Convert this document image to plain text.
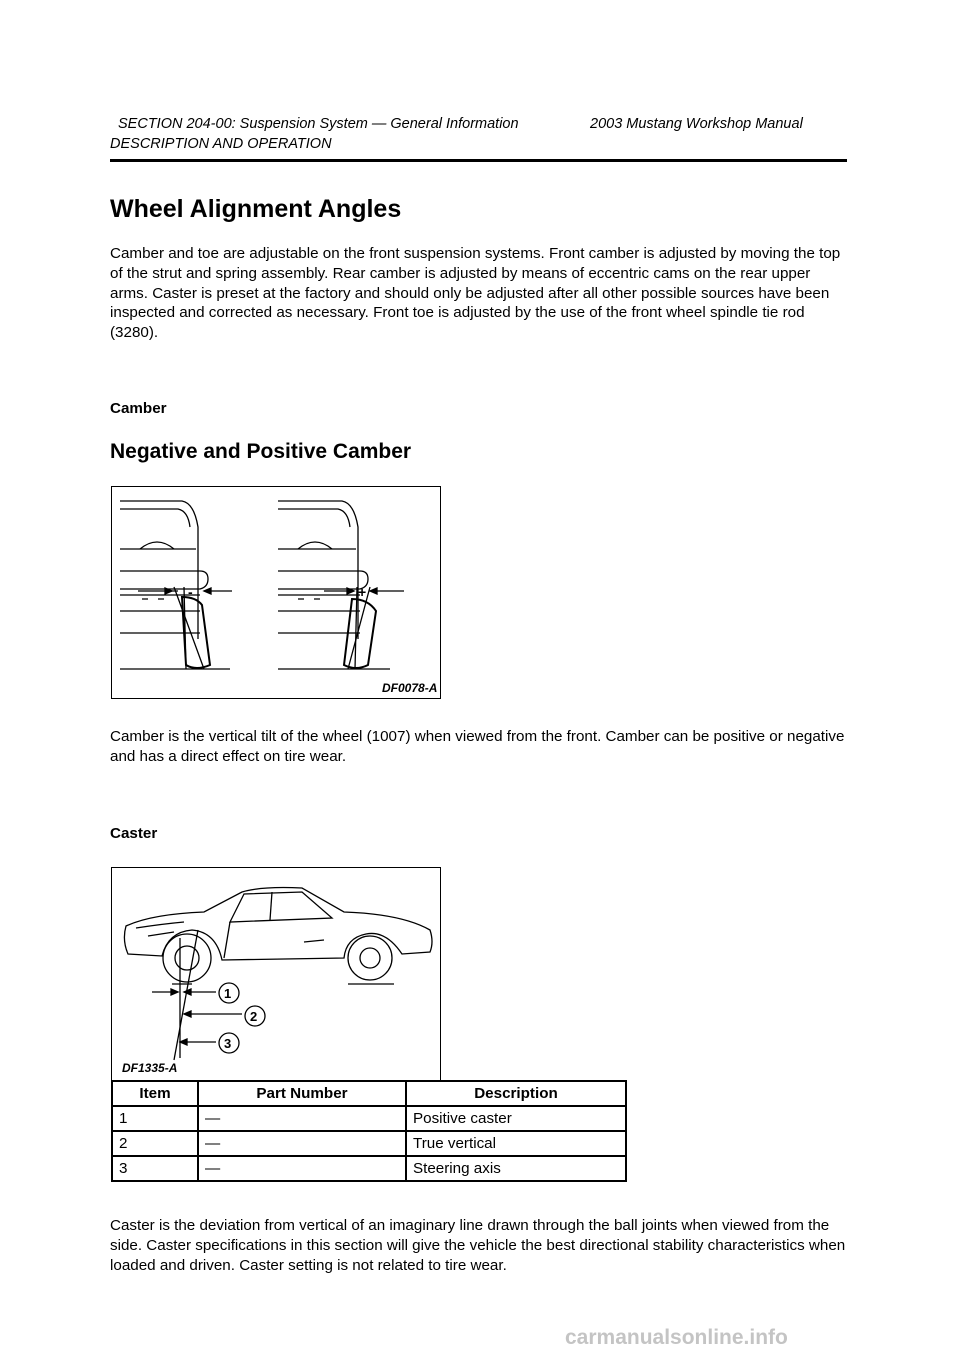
SECTION 204-00: Suspension System — General Information	2003 Mustang Workshop Manual
DESCRIPTION AND OPERATION
Wheel Alignment Angles

Camber and toe are adjustable on the front suspension systems. Front camber is adjusted by moving the top of the strut and spring assembly. Rear camber is adjusted by means of eccentric cams on the rear upper arms. Caster is preset at the factory and should only be adjusted after all other possible sources have been inspected and corrected as necessary. Front toe is adjusted by the use of the front wheel spindle tie rod (3280).

Camber
Negative and Positive Camber
-	+
DF0078-A

Camber is the vertical tilt of the wheel (1007) when viewed from the front. Camber can be positive or negative and has a direct effect on tire wear.

Caster
1
2
3
DF1335-A
Item	Part Number	Description
1	—	Positive caster
2	—	True vertical
3	—	Steering axis

Caster is the deviation from vertical of an imaginary line drawn through the ball joints when viewed from the side. Caster specifications in this section will give the vehicle the best directional stability characteristics when loaded and driven. Caster setting is not related to tire wear.

carmanualsonline.info
